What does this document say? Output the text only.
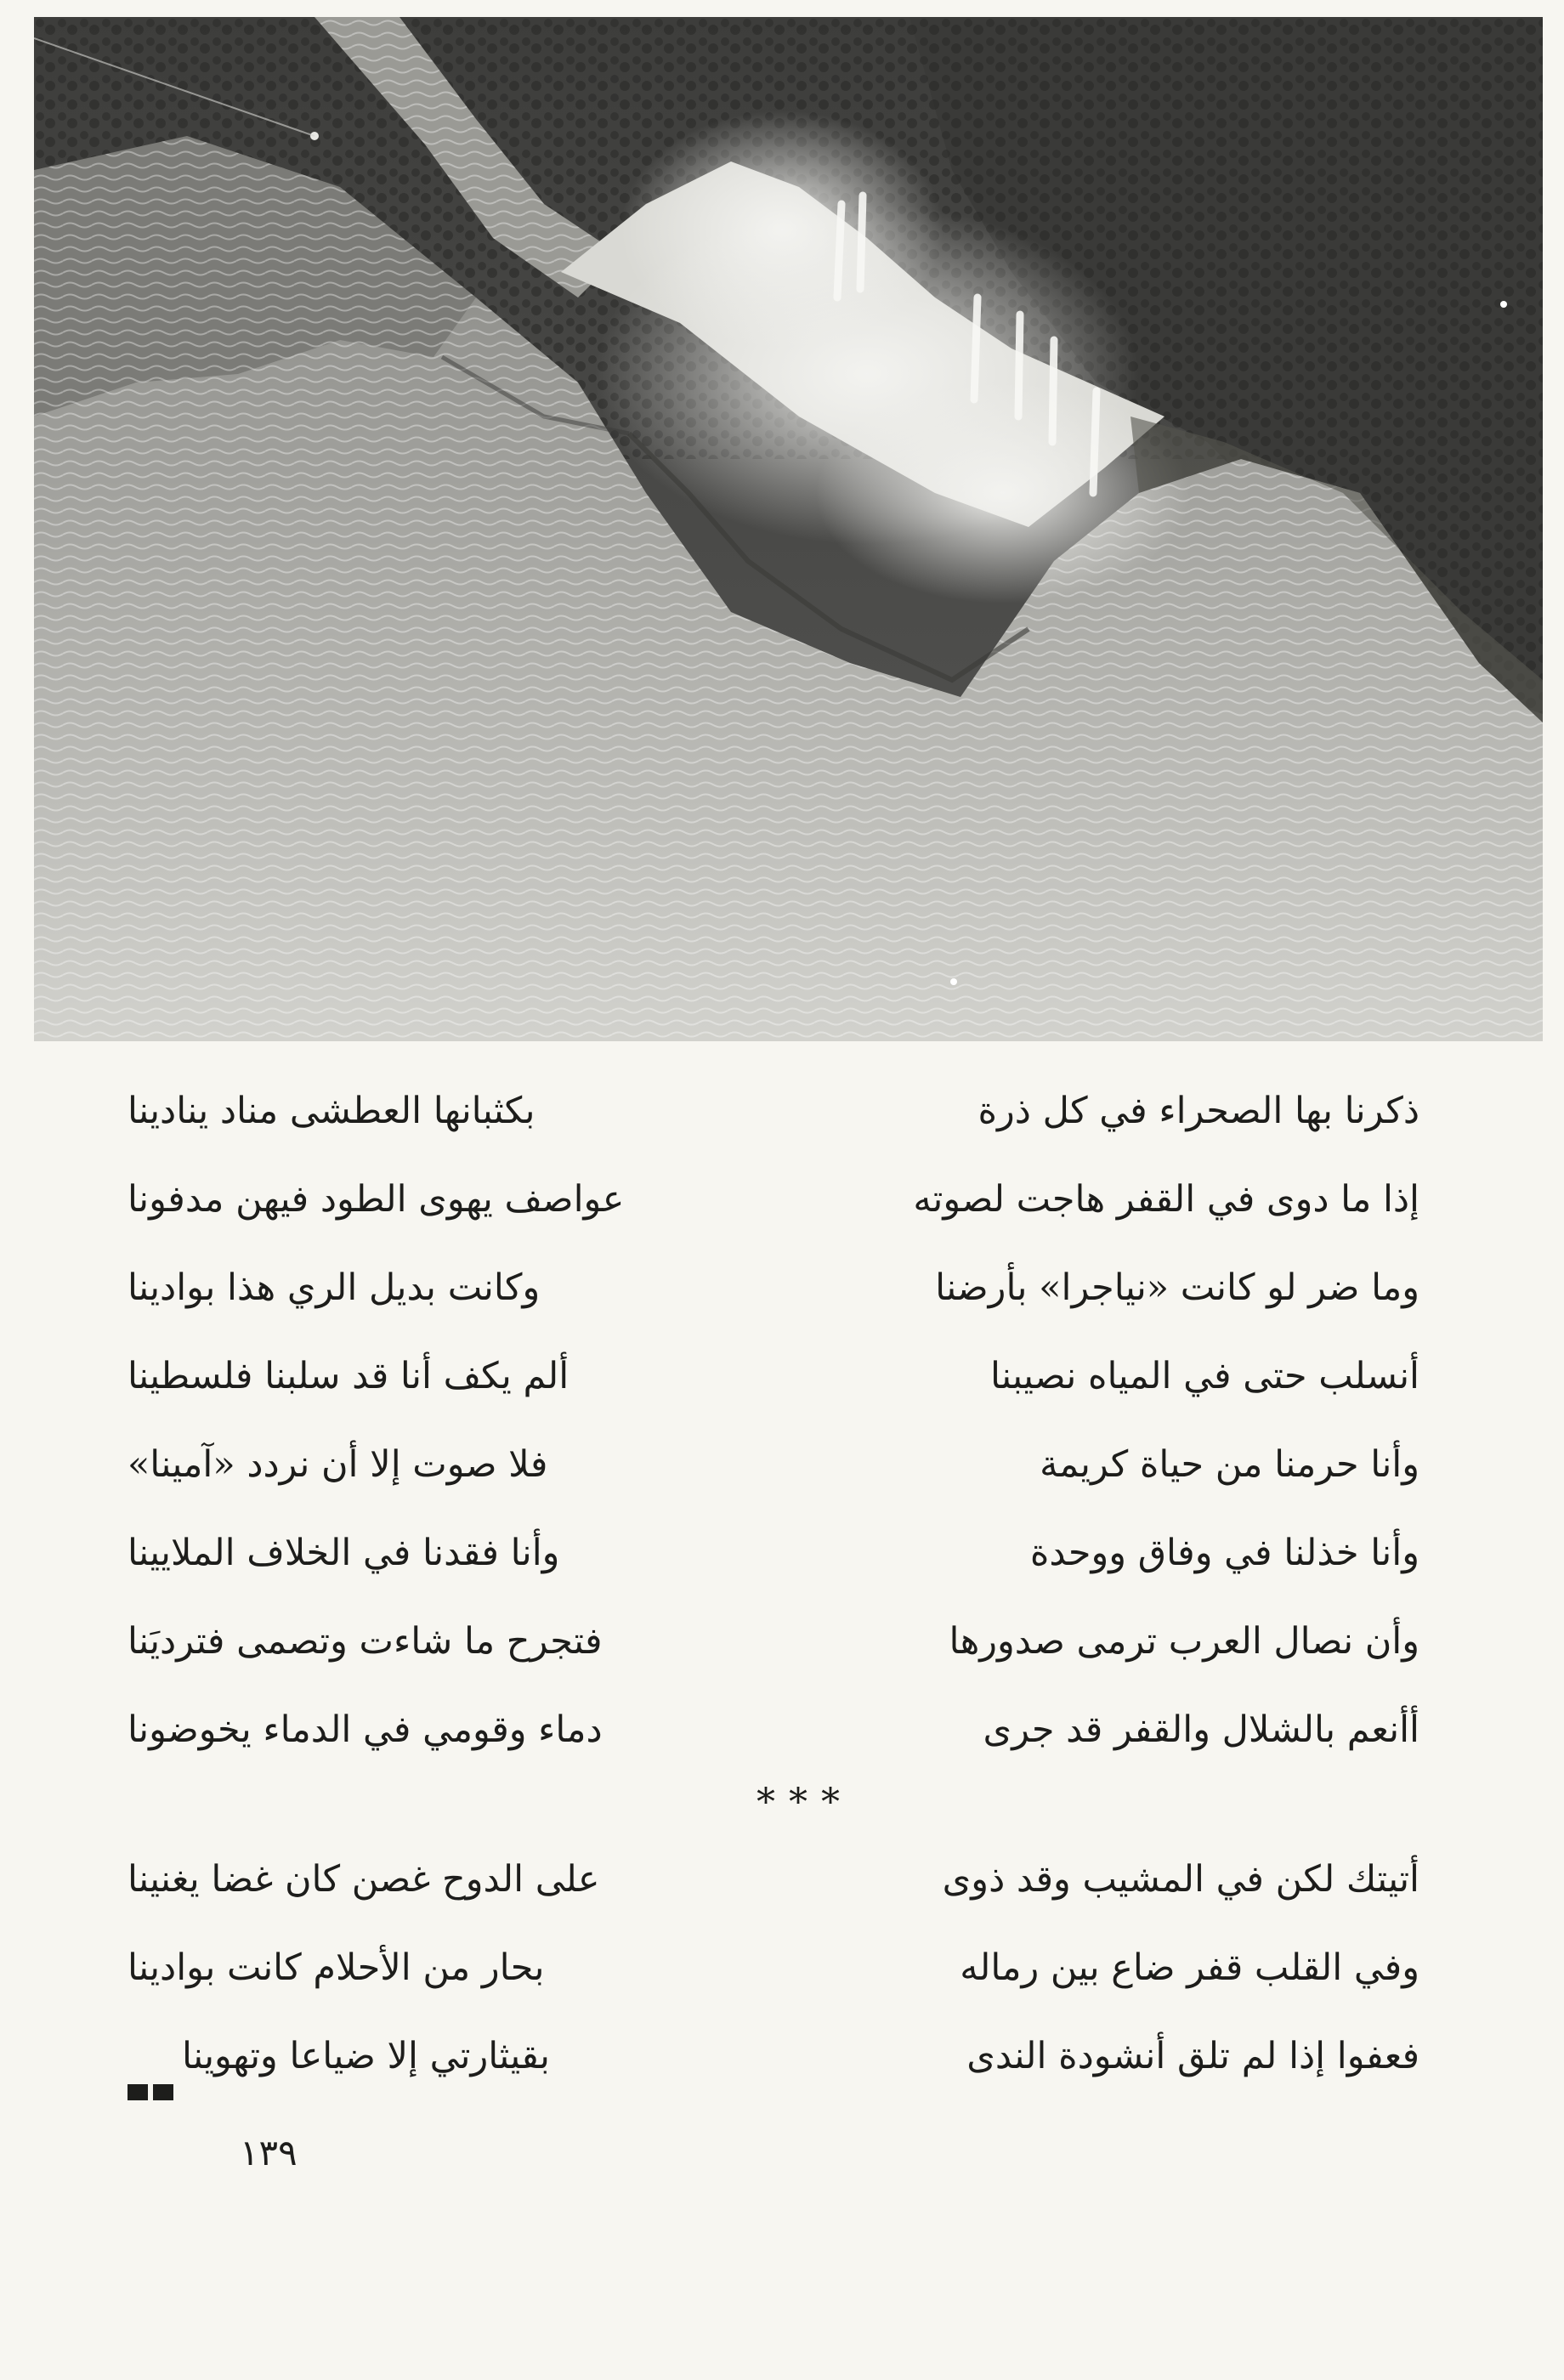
ذكرنا بها الصحراء في كل ذرة
بكثبانها العطشى مناد ينادينا
إذا ما دوى في القفر هاجت لصوته
عواصف يهوى الطود فيهن مدفونا
وما ضر لو كانت «نياجرا» بأرضنا
وكانت بديل الري هذا بوادينا
أنسلب حتى في المياه نصيبنا
ألم يكف أنا قد سلبنا فلسطينا
وأنا حرمنا من حياة كريمة
فلا صوت إلا أن نردد «آمينا»
وأنا خذلنا في وفاق ووحدة
وأنا فقدنا في الخلاف الملايينا
وأن نصال العرب ترمى صدورها
فتجرح ما شاءت وتصمى فترديَنا
أأنعم بالشلال والقفر قد جرى
دماء وقومي في الدماء يخوضونا
***
أتيتك لكن في المشيب وقد ذوى
على الدوح غصن كان غضا يغنينا
وفي القلب قفر ضاع بين رماله
بحار من الأحلام كانت بوادينا
فعفوا إذا لم تلق أنشودة الندى
بقيثارتي إلا ضياعا وتهوينا
١٣٩
